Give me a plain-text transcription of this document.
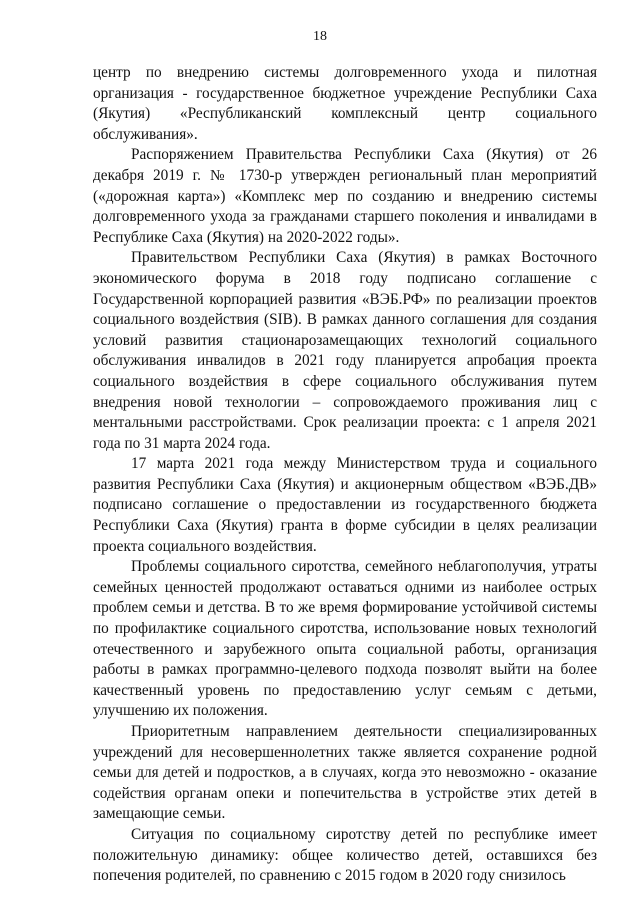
18

центр по внедрению системы долговременного ухода и пилотная организация - государственное бюджетное учреждение Республики Саха (Якутия) «Республиканский комплексный центр социального обслуживания».

Распоряжением Правительства Республики Саха (Якутия) от 26 декабря 2019 г. № 1730-р утвержден региональный план мероприятий («дорожная карта») «Комплекс мер по созданию и внедрению системы долговременного ухода за гражданами старшего поколения и инвалидами в Республике Саха (Якутия) на 2020-2022 годы».

Правительством Республики Саха (Якутия) в рамках Восточного экономического форума в 2018 году подписано соглашение с Государственной корпорацией развития «ВЭБ.РФ» по реализации проектов социального воздействия (SIB). В рамках данного соглашения для создания условий развития стационарозамещающих технологий социального обслуживания инвалидов в 2021 году планируется апробация проекта социального воздействия в сфере социального обслуживания путем внедрения новой технологии – сопровождаемого проживания лиц с ментальными расстройствами. Срок реализации проекта: с 1 апреля 2021 года по 31 марта 2024 года.

17 марта 2021 года между Министерством труда и социального развития Республики Саха (Якутия) и акционерным обществом «ВЭБ.ДВ» подписано соглашение о предоставлении из государственного бюджета Республики Саха (Якутия) гранта в форме субсидии в целях реализации проекта социального воздействия.

Проблемы социального сиротства, семейного неблагополучия, утраты семейных ценностей продолжают оставаться одними из наиболее острых проблем семьи и детства. В то же время формирование устойчивой системы по профилактике социального сиротства, использование новых технологий отечественного и зарубежного опыта социальной работы, организация работы в рамках программно-целевого подхода позволят выйти на более качественный уровень по предоставлению услуг семьям с детьми, улучшению их положения.

Приоритетным направлением деятельности специализированных учреждений для несовершеннолетних также является сохранение родной семьи для детей и подростков, а в случаях, когда это невозможно - оказание содействия органам опеки и попечительства в устройстве этих детей в замещающие семьи.

Ситуация по социальному сиротству детей по республике имеет положительную динамику: общее количество детей, оставшихся без попечения родителей, по сравнению с 2015 годом в 2020 году снизилось
